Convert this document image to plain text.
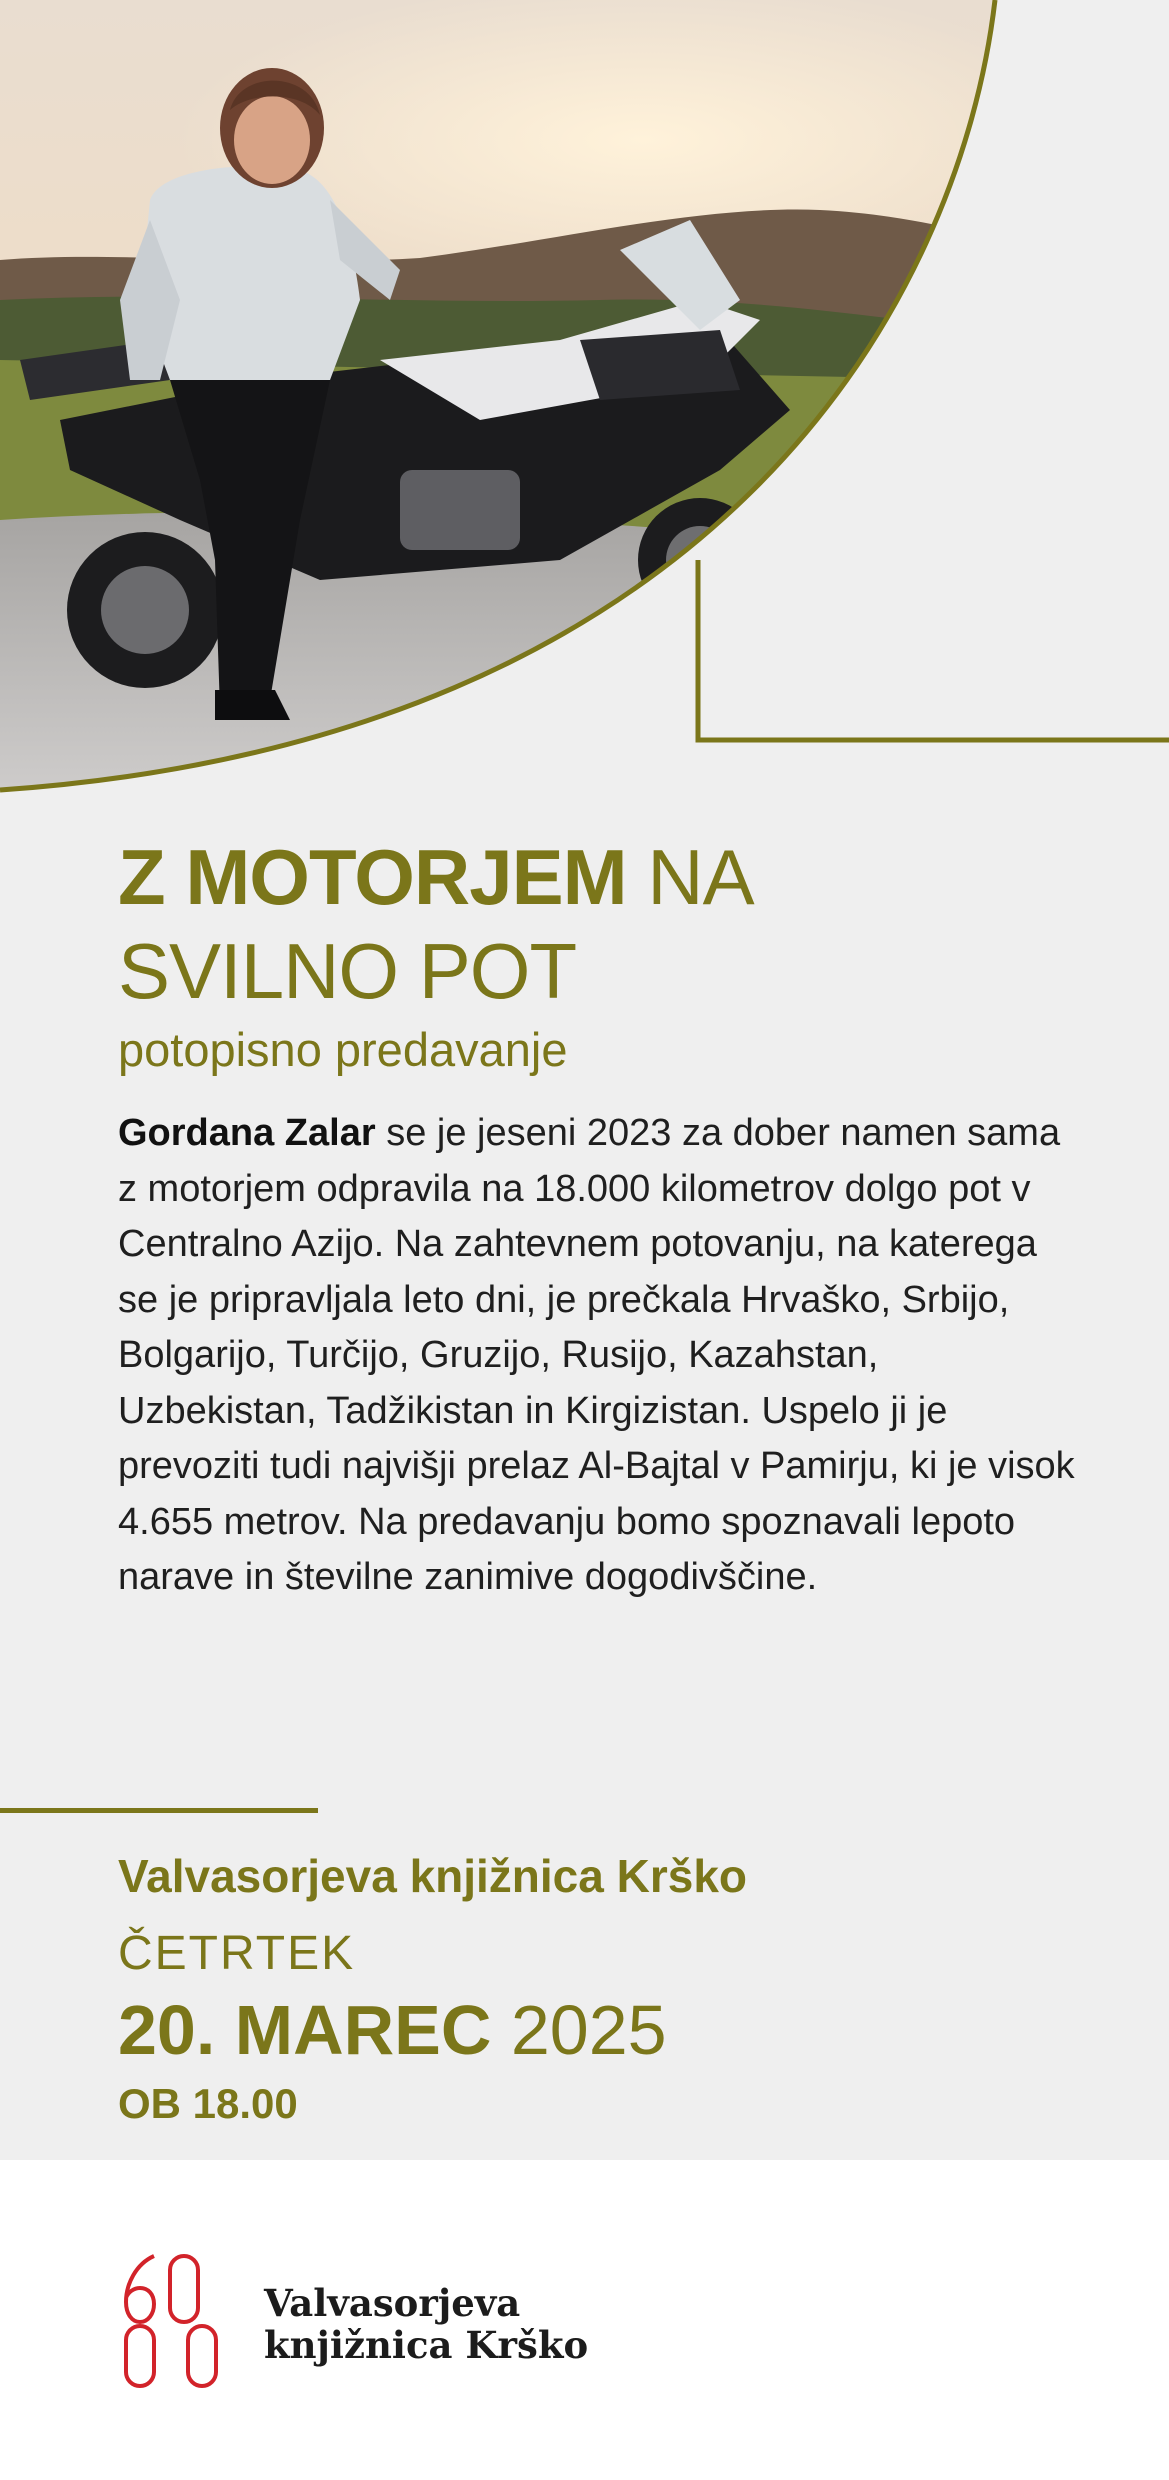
Z MOTORJEM NA
SVILNO POT
potopisno predavanje

Gordana Zalar se je jeseni 2023 za dober namen sama z motorjem odpravila na 18.000 kilometrov dolgo pot v Centralno Azijo. Na zahtevnem potovanju, na katerega se je pripravljala leto dni, je prečkala Hrvaško, Srbijo, Bolgarijo, Turčijo, Gruzijo, Rusijo, Kazahstan, Uzbekistan, Tadžikistan in Kirgizistan. Uspelo ji je prevoziti tudi najvišji prelaz Al-Bajtal v Pamirju, ki je visok 4.655 metrov. Na predavanju bomo spoznavali lepoto narave in številne zanimive dogodivščine.

Valvasorjeva knjižnica Krško

ČETRTEK

20. MAREC 2025

OB 18.00

Valvasorjeva
knjižnica Krško
